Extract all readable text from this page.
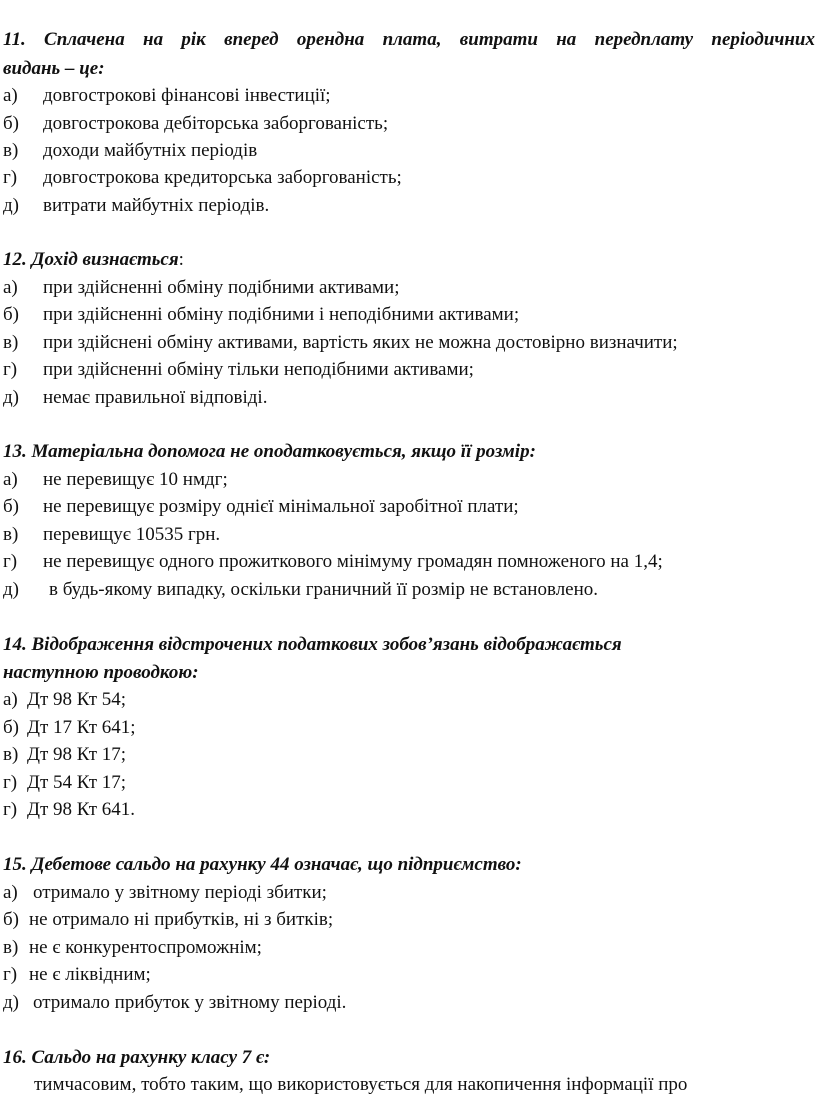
11. Сплачена на рік вперед орендна плата, витрати на передплату періодичних
видань – це:
а) довгострокові фінансові інвестиції;
б) довгострокова дебіторська заборгованість;
в) доходи майбутніх періодів
г) довгострокова кредиторська заборгованість;
д) витрати майбутніх періодів.
12. Дохід визнається:
а) при здійсненні обміну подібними активами;
б) при здійсненні обміну подібними і неподібними активами;
в) при здійснені обміну активами, вартість яких не можна достовірно визначити;
г) при здійсненні обміну тільки неподібними активами;
д) немає правильної відповіді.
13. Матеріальна допомога не оподатковується, якщо її розмір:
а) не перевищує 10 нмдг;
б) не перевищує розміру однієї мінімальної заробітної плати;
в) перевищує 10535 грн.
г) не перевищує одного прожиткового мінімуму громадян помноженого на 1,4;
д) в будь-якому випадку, оскільки граничний її розмір не встановлено.
14. Відображення відстрочених податкових зобов’язань відображається
наступною проводкою:
а) Дт 98 Кт 54;
б) Дт 17 Кт 641;
в) Дт 98 Кт 17;
г) Дт 54 Кт 17;
г) Дт 98 Кт 641.
15. Дебетове сальдо на рахунку 44 означає, що підприємство:
а) отримало у звітному періоді збитки;
б) не отримало ні прибутків, ні з битків;
в) не є конкурентоспроможнім;
г) не є ліквідним;
д) отримало прибуток у звітному періоді.
16. Сальдо на рахунку класу 7 є:
тимчасовим, тобто таким, що використовується для накопичення інформації про
